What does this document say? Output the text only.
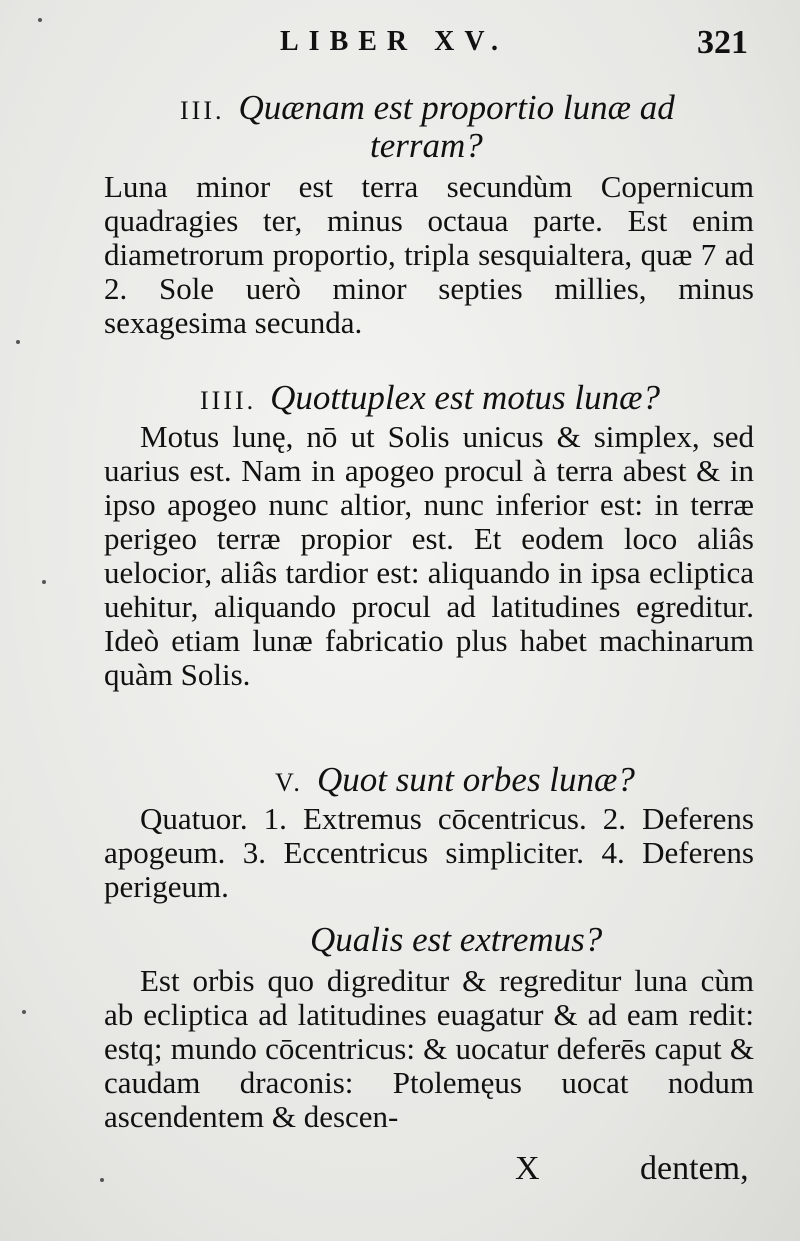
LIBER XV.	321
III. Quænam est proportio lunæ ad
terram?

Luna minor est terra secundùm Copernicum quadragies ter, minus octaua parte. Est enim diametrorum proportio, tripla sesquialtera, quæ 7 ad 2. Sole uerò minor septies millies, minus sexagesima secunda.

IIII. Quottuplex est motus lunæ?

Motus lunę, nō ut Solis unicus & simplex, sed uarius est. Nam in apogeo procul à terra abest & in ipso apogeo nunc altior, nunc inferior est: in terræ perigeo terræ propior est. Et eodem loco aliâs uelocior, aliâs tardior est: aliquando in ipsa ecliptica uehitur, aliquando procul ad latitudines egreditur. Ideò etiam lunæ fabricatio plus habet machinarum quàm Solis.

V. Quot sunt orbes lunæ?

Quatuor. 1. Extremus cōcentricus. 2. Deferens apogeum. 3. Eccentricus simpliciter. 4. Deferens perigeum.

Qualis est extremus?

Est orbis quo digreditur & regreditur luna cùm ab ecliptica ad latitudines euagatur & ad eam redit: estq; mundo cōcentricus: & uocatur deferēs caput & caudam draconis: Ptolemęus uocat nodum ascendentem & descen-

X	dentem,
